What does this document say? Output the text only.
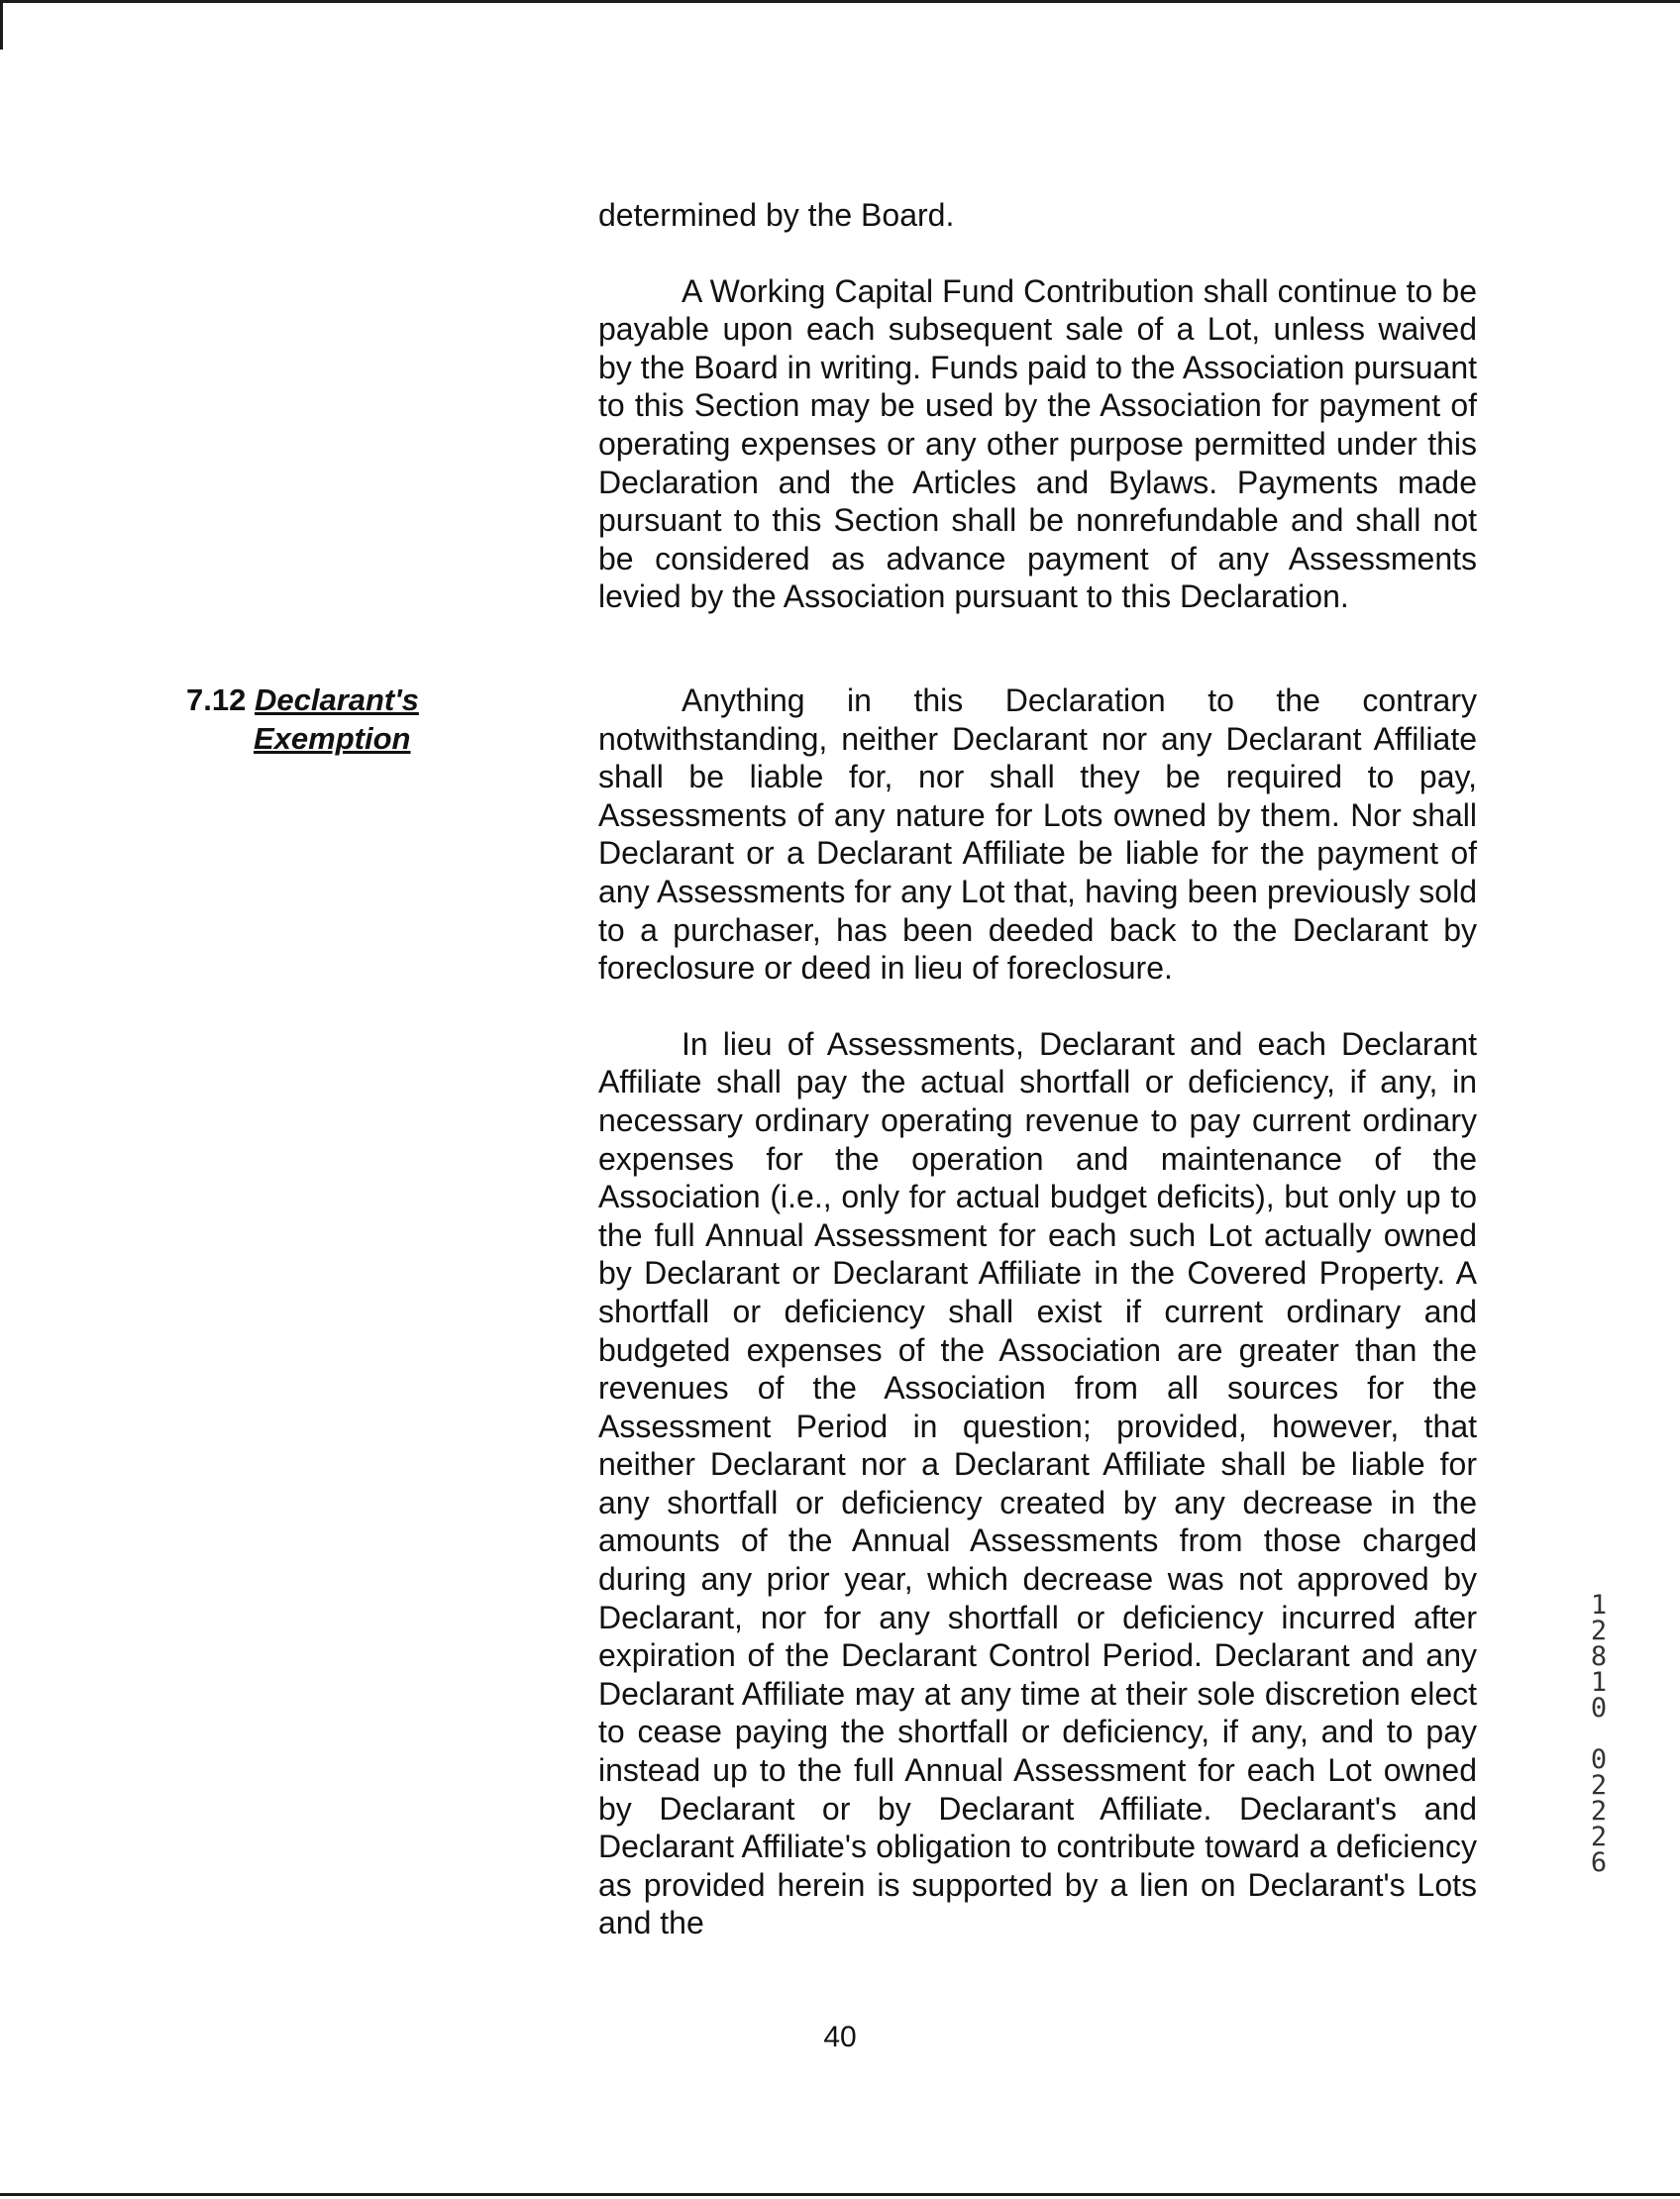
determined by the Board.

A Working Capital Fund Contribution shall continue to be payable upon each subsequent sale of a Lot, unless waived by the Board in writing. Funds paid to the Association pursuant to this Section may be used by the Association for payment of operating expenses or any other purpose permitted under this Declaration and the Articles and Bylaws. Payments made pursuant to this Section shall be nonrefundable and shall not be considered as advance payment of any Assessments levied by the Association pursuant to this Declaration.

7.12 Declarant's
Exemption

Anything in this Declaration to the contrary notwithstanding, neither Declarant nor any Declarant Affiliate shall be liable for, nor shall they be required to pay, Assessments of any nature for Lots owned by them. Nor shall Declarant or a Declarant Affiliate be liable for the payment of any Assessments for any Lot that, having been previously sold to a purchaser, has been deeded back to the Declarant by foreclosure or deed in lieu of foreclosure.

In lieu of Assessments, Declarant and each Declarant Affiliate shall pay the actual shortfall or deficiency, if any, in necessary ordinary operating revenue to pay current ordinary expenses for the operation and maintenance of the Association (i.e., only for actual budget deficits), but only up to the full Annual Assessment for each such Lot actually owned by Declarant or Declarant Affiliate in the Covered Property. A shortfall or deficiency shall exist if current ordinary and budgeted expenses of the Association are greater than the revenues of the Association from all sources for the Assessment Period in question; provided, however, that neither Declarant nor a Declarant Affiliate shall be liable for any shortfall or deficiency created by any decrease in the amounts of the Annual Assessments from those charged during any prior year, which decrease was not approved by Declarant, nor for any shortfall or deficiency incurred after expiration of the Declarant Control Period. Declarant and any Declarant Affiliate may at any time at their sole discretion elect to cease paying the shortfall or deficiency, if any, and to pay instead up to the full Annual Assessment for each Lot owned by Declarant or by Declarant Affiliate. Declarant's and Declarant Affiliate's obligation to contribute toward a deficiency as provided herein is supported by a lien on Declarant's Lots and the

40
1
2
8
1
0
0
2
2
2
6
